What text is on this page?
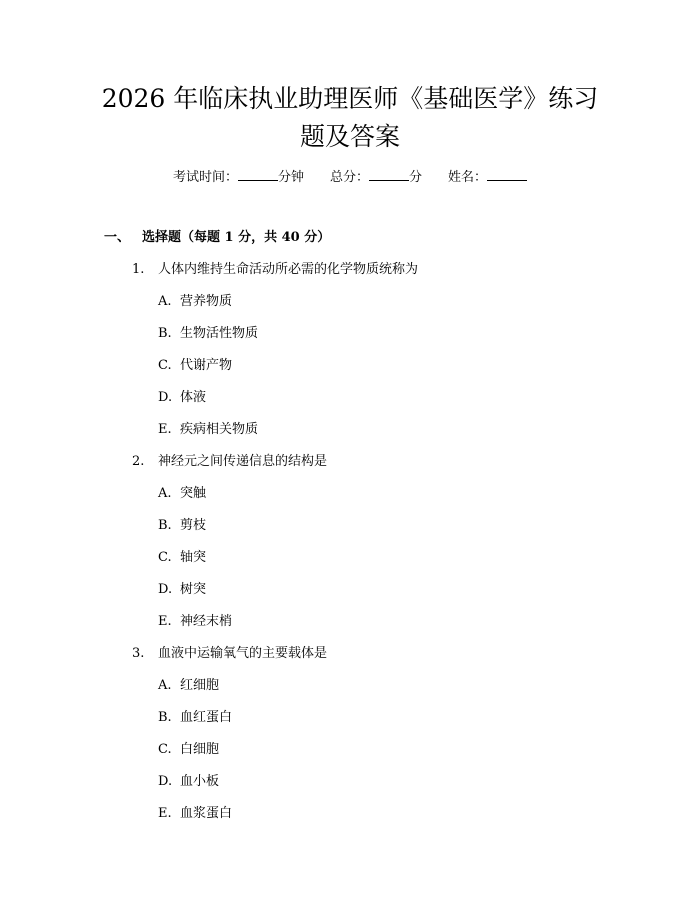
2026 年临床执业助理医师《基础医学》练习
题及答案
考试时间：	分钟 总分：	分 姓名：
一、 选择题（每题 1 分，共 40 分）
1. 人体内维持生命活动所必需的化学物质统称为
A. 营养物质
B. 生物活性物质
C. 代谢产物
D. 体液
E. 疾病相关物质
2. 神经元之间传递信息的结构是
A. 突触
B. 剪枝
C. 轴突
D. 树突
E. 神经末梢
3. 血液中运输氧气的主要载体是
A. 红细胞
B. 血红蛋白
C. 白细胞
D. 血小板
E. 血浆蛋白
